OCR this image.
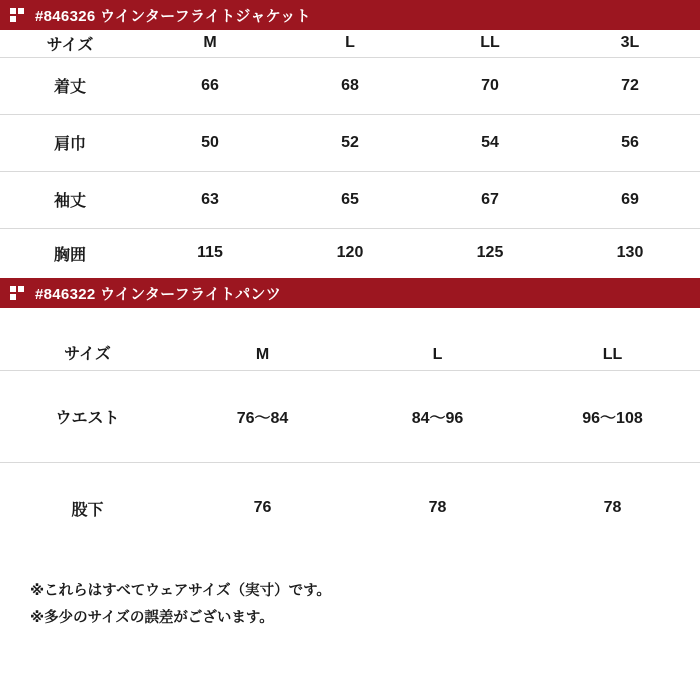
#846326 ウインターフライトジャケット
サイズ	M	L	LL	3L
着丈	66	68	70	72
肩巾	50	52	54	56
袖丈	63	65	67	69
胸囲	115	120	125	130
#846322 ウインターフライトパンツ
サイズ	M	L	LL
ウエスト	76〜84	84〜96	96〜108
股下	76	78	78
※これらはすべてウェアサイズ（実寸）です。
※多少のサイズの誤差がございます。
